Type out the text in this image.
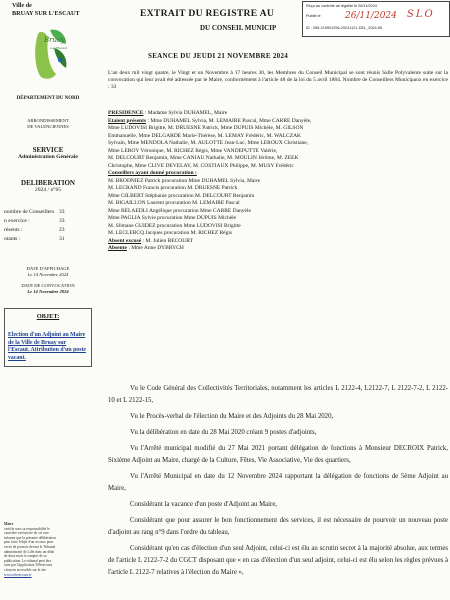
Ville de
BRUAY SUR L'ESCAUT
Bruay
sur l'Escaut
DÉPARTEMENT DU NORD
ARRONDISSEMENT
DE VALENCIENNES
SERVICE
Administration Générale
DELIBERATION
2024 / n°65
nombre de Conseillers 33
n exercice :	33
résents :	23
otants :	31
DATE D'AFFICHAGE
Le 14 Novembre 2024
DATE DE CONVOCATION
Le 14 Novembre 2024
OBJET:
Election d'un Adjoint au Maire de la Ville de Bruay sur l'Escaut. Attribution d'un poste vacant.
Maire
certifie sous sa responsabilité le
caractère exécutoire de cet acte
informe que la présente délibération
peut faire l'objet d'un recours pour
excès de pouvoir devant le Tribunal
administratif de Lille dans un délai
de deux mois à compter de sa
publication. Le tribunal peut être
saisi par l'application Télérecours
citoyens accessible sur le site
www.telerecours.fr
EXTRAIT DU REGISTRE AU
DU CONSEIL MUNICIP
Reçu au contrôle de légalité le 26/11/2024
Publié le
ID : 059-215901256-20241121-DEL_2024-65
26/11/2024 SLO
SEANCE DU JEUDI 21 NOVEMBRE 2024
L'an deux mil vingt quatre, le Vingt et un Novembre à 17 heures 30, les Membres du Conseil Municipal se sont réunis Salle Polyvalente suite sur la convocation qui leur avait été adressée par le Maire, conformément à l'article 48 de la loi du 5 avril 1884. Nombre de Conseillers Municipaux en exercice : 33
PRESIDENCE : Madame Sylvia DUHAMEL, Maire
Etaient présents : Mme DUHAMEL Sylvia, M. LEMAIRE Pascal, Mme CARRE Danyèle,
Mme LUDOVISI Brigitte, M. DRUESNE Patrick, Mme DUPUIS Michèle, M. GILSON
Emmanuelle, Mme DELGARDE Marie-Thérèse, M. LEMAY Frédéric, M. WALCZAK
Sylvain, Mme MENDOLA Nathalie, M. AULOTTE Jean-Luc, Mme LEROUX Christiane,
Mme LEROY Véronique, M. RICHEZ Régis, Mme VANDEPUTTE Valérie,
M. DELCOURT Benjamin, Mme CANIAU Nathalie, M. MOULIN Jérôme, M. ZEEK
Christophe, Mme CLIVE DEVELAY, M. COSTIAUX Philippe, M. MUSY Frédéric
Conseillers ayant donné procuration :
M. BRODNIEZ Patrick procuration Mme DUHAMEL Sylvia, Maire
M. LECRAND Francis procuration M. DRUESNE Patrick
Mme GILBERT Stéphanie procuration M. DELCOURT Benjamin
M. BIGAILLON Laurent procuration M. LEMAIRE Pascal
Mme BELAEDLI Angélique procuration Mme CARRE Danyèle
Mme PAGLIA Sylvie procuration Mme DUPUIS Michèle
M. Slimane GUIDEZ procuration Mme LUDOVISI Brigitte
M. LECLERCQ Jacques procuration M. RICHEZ Régis
Absent excusé : M. Julien BECOURT
Absente : Mme Anne DYBRYCH

Vu le Code Général des Collectivités Territoriales, notamment les articles L 2122-4, L2122-7, L 2122-7-2, L 2122-10 et L 2122-15,

Vu le Procès-verbal de l'élection du Maire et des Adjoints du 28 Mai 2020,

Vu la délibération en date du 28 Mai 2020 créant 9 postes d'adjoints,

Vu l'Arrêté municipal modifié du 27 Mai 2021 portant délégation de fonctions à Monsieur DECROIX Patrick, Sixième Adjoint au Maire, chargé de la Culture, Fêtes, Vie Associative, Vie des quartiers,

Vu l'Arrêté Municipal en date du 12 Novembre 2024 rapportant la délégation de fonctions de 5ème Adjoint au Maire,

Considérant la vacance d'un poste d'Adjoint au Maire,

Considérant que pour assurer le bon fonctionnement des services, il est nécessaire de pourvoir un nouveau poste d'adjoint au rang n°9 dans l'ordre du tableau,

Considérant qu'en cas d'élection d'un seul Adjoint, celui-ci est élu au scrutin secret à la majorité absolue, aux termes de l'article L 2122-7-2 du CGCT disposant que « en cas d'élection d'un seul adjoint, celui-ci est élu selon les règles prévues à l'article L 2122-7 relatives à l'élection du Maire »,
